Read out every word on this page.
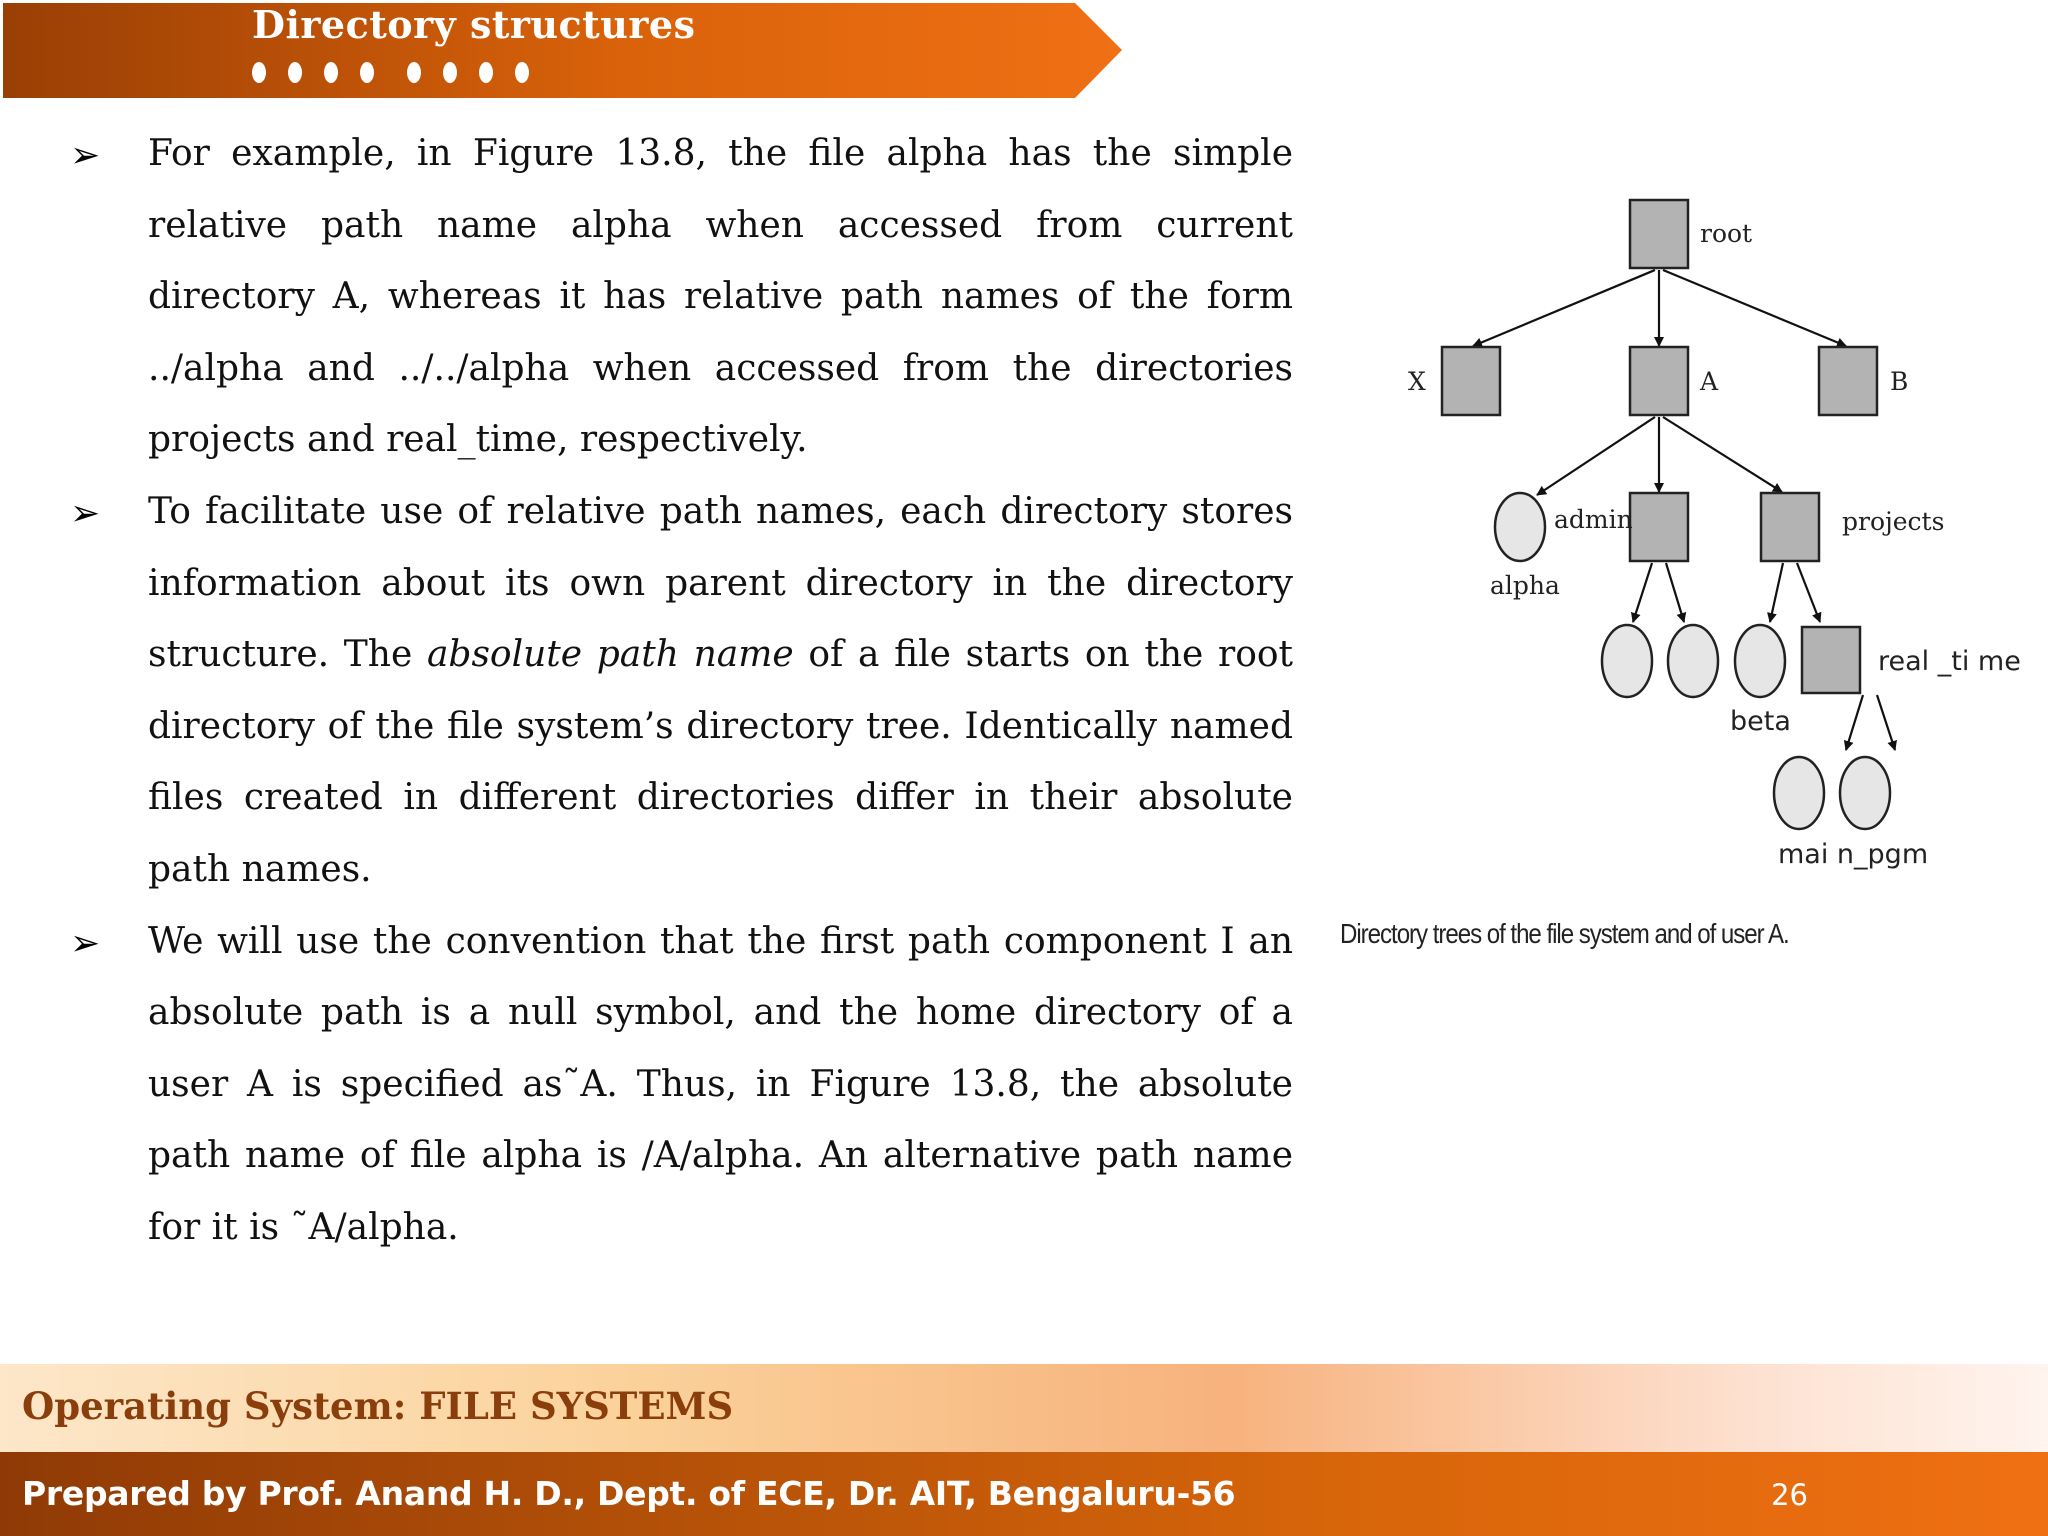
Directory structures
➢ For example, in Figure 13.8, the file alpha has the simple relative path name alpha when accessed from current directory A, whereas it has relative path names of the form ../alpha and ../../alpha when accessed from the directories projects and real_time, respectively.

➢ To facilitate use of relative path names, each directory stores information about its own parent directory in the directory structure. The absolute path name of a file starts on the root directory of the file system’s directory tree. Identically named files created in different directories differ in their absolute path names.

➢ We will use the convention that the first path component I an absolute path is a null symbol, and the home directory of a user A is specified as˜A. Thus, in Figure 13.8, the absolute path name of file alpha is /A/alpha. An alternative path name for it is ˜A/alpha.

root
X	A	B
admin
alpha
projects
real _ti me
beta
mai n_pgm
Directory trees of the file system and of user A.

Operating System: FILE SYSTEMS

Prepared by Prof. Anand H. D., Dept. of ECE, Dr. AIT, Bengaluru-56	26
